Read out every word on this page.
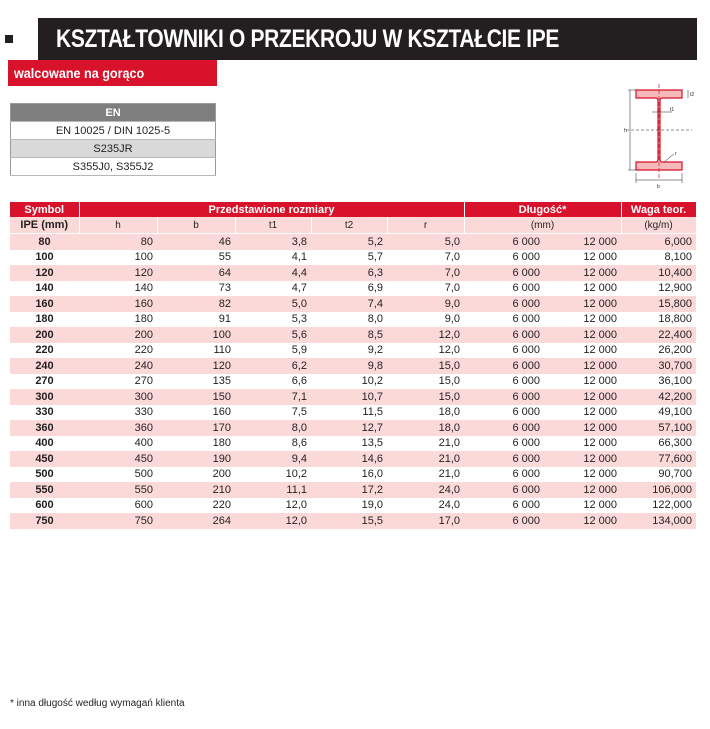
KSZTAŁTOWNIKI O PRZEKROJU W KSZTAŁCIE IPE
walcowane na gorąco
EN
EN 10025 / DIN 1025-5
S235JR
S355J0, S355J2
h
b
t1
t2
r
Symbol	Przedstawione rozmiary					Długość*		Waga teor.
IPE (mm)	h	b	t1	t2	r	(mm)		(kg/m)
80	80	46	3,8	5,2	5,0	6 000	12 000	6,000
100	100	55	4,1	5,7	7,0	6 000	12 000	8,100
120	120	64	4,4	6,3	7,0	6 000	12 000	10,400
140	140	73	4,7	6,9	7,0	6 000	12 000	12,900
160	160	82	5,0	7,4	9,0	6 000	12 000	15,800
180	180	91	5,3	8,0	9,0	6 000	12 000	18,800
200	200	100	5,6	8,5	12,0	6 000	12 000	22,400
220	220	110	5,9	9,2	12,0	6 000	12 000	26,200
240	240	120	6,2	9,8	15,0	6 000	12 000	30,700
270	270	135	6,6	10,2	15,0	6 000	12 000	36,100
300	300	150	7,1	10,7	15,0	6 000	12 000	42,200
330	330	160	7,5	11,5	18,0	6 000	12 000	49,100
360	360	170	8,0	12,7	18,0	6 000	12 000	57,100
400	400	180	8,6	13,5	21,0	6 000	12 000	66,300
450	450	190	9,4	14,6	21,0	6 000	12 000	77,600
500	500	200	10,2	16,0	21,0	6 000	12 000	90,700
550	550	210	11,1	17,2	24,0	6 000	12 000	106,000
600	600	220	12,0	19,0	24,0	6 000	12 000	122,000
750	750	264	12,0	15,5	17,0	6 000	12 000	134,000
* inna długość według wymagań klienta
